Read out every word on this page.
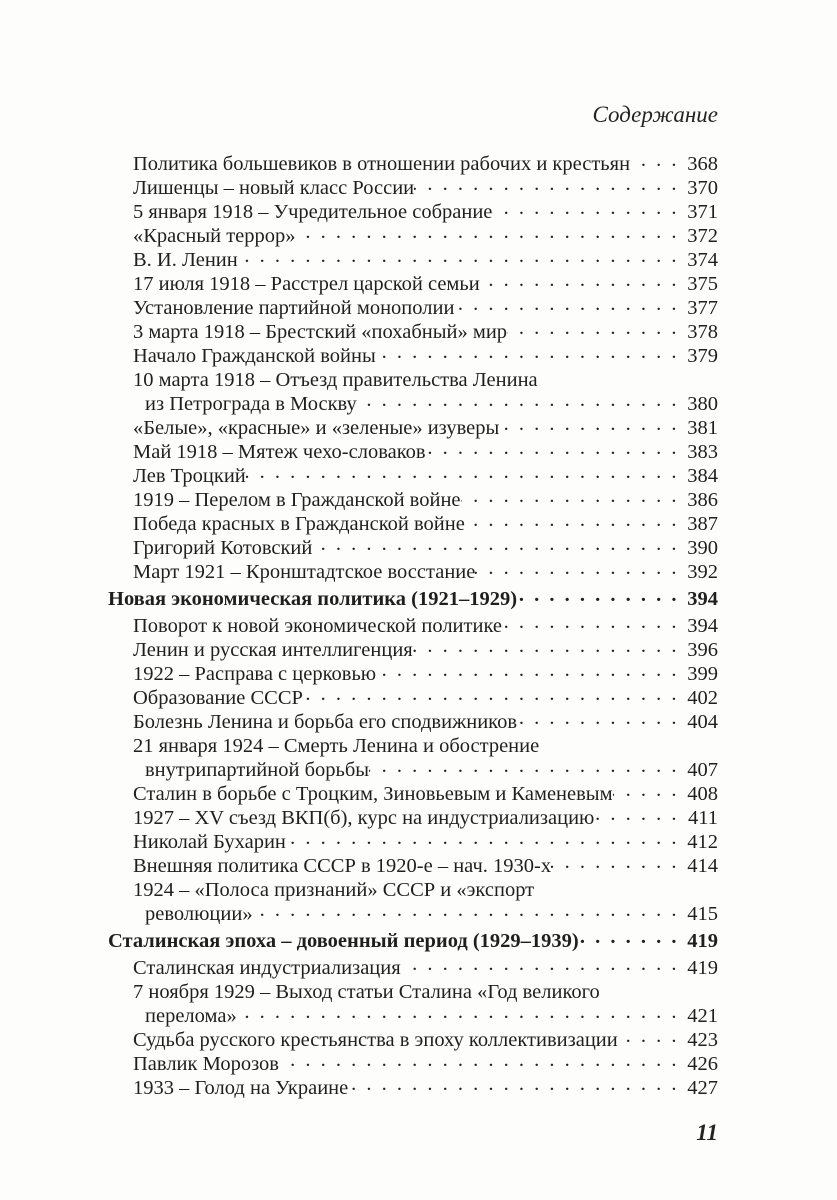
Содержание
Политика большевиков в отношении рабочих и крестьян . . .	368
Лишенцы – новый класс России . . .	370
5 января 1918 – Учредительное собрание . . .	371
«Красный террор» . . .	372
В. И. Ленин . . .	374
17 июля 1918 – Расстрел царской семьи . . .	375
Установление партийной монополии . . .	377
3 марта 1918 – Брестский «похабный» мир . . .	378
Начало Гражданской войны . . .	379
10 марта 1918 – Отъезд правительства Ленина
из Петрограда в Москву . . .	380
«Белые», «красные» и «зеленые» изуверы . . .	381
Май 1918 – Мятеж чехо-словаков . . .	383
Лев Троцкий . . .	384
1919 – Перелом в Гражданской войне . . .	386
Победа красных в Гражданской войне . . .	387
Григорий Котовский . . .	390
Март 1921 – Кронштадтское восстание . . .	392
Новая экономическая политика (1921–1929) . . .	394
Поворот к новой экономической политике . . .	394
Ленин и русская интеллигенция . . .	396
1922 – Расправа с церковью . . .	399
Образование СССР . . .	402
Болезнь Ленина и борьба его сподвижников . . .	404
21 января 1924 – Смерть Ленина и обострение
внутрипартийной борьбы . . .	407
Сталин в борьбе с Троцким, Зиновьевым и Каменевым . . .	408
1927 – XV съезд ВКП(б), курс на индустриализацию . . .	411
Николай Бухарин . . .	412
Внешняя политика СССР в 1920-е – нач. 1930-х . . .	414
1924 – «Полоса признаний» СССР и «экспорт
революции» . . .	415
Сталинская эпоха – довоенный период (1929–1939) . . .	419
Сталинская индустриализация . . .	419
7 ноября 1929 – Выход статьи Сталина «Год великого
перелома» . . .	421
Судьба русского крестьянства в эпоху коллективизации . . .	423
Павлик Морозов . . .	426
1933 – Голод на Украине . . .	427
11
